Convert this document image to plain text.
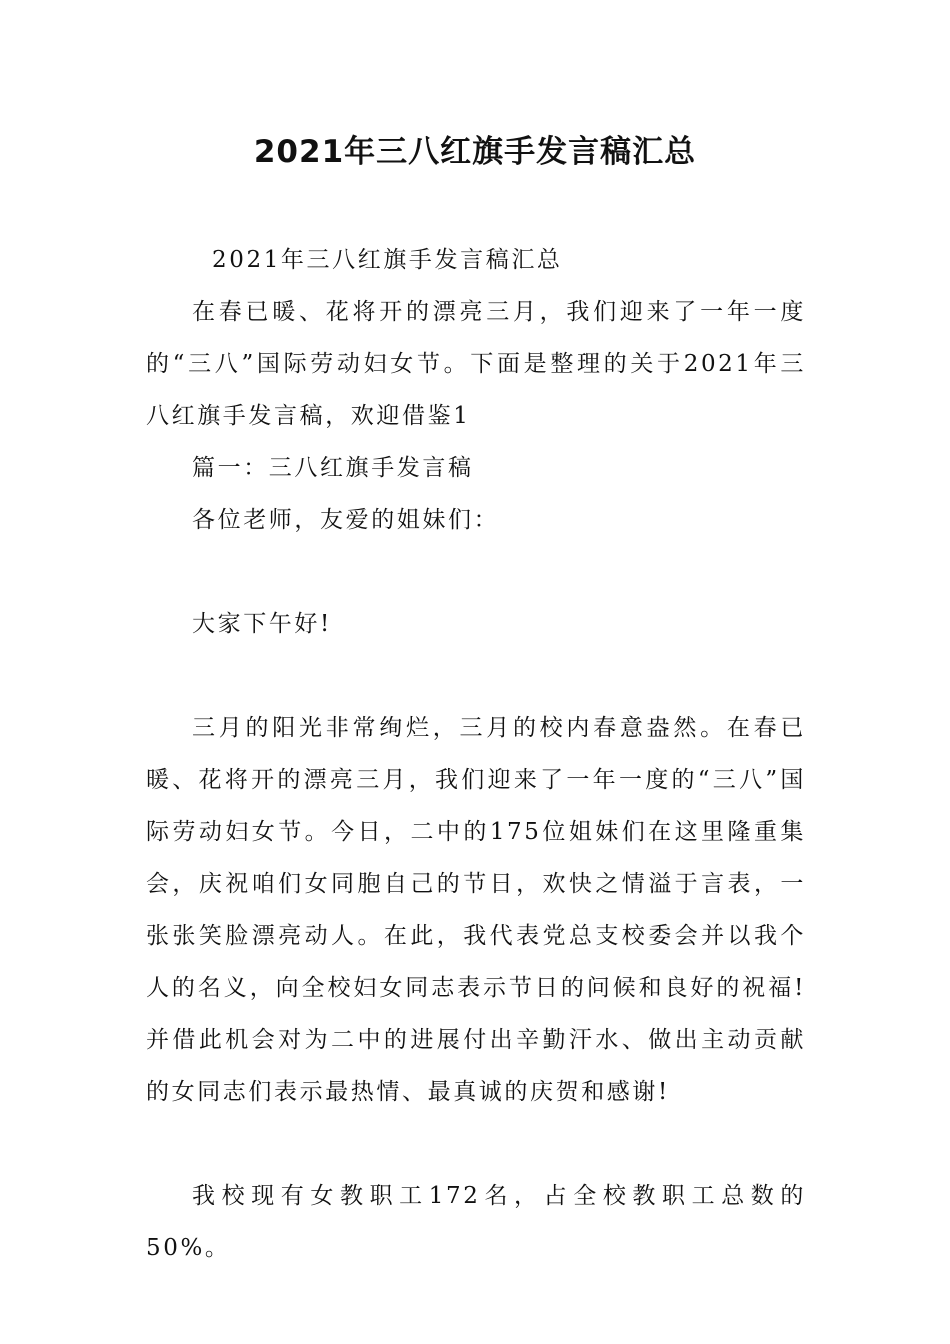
2021年三八红旗手发言稿汇总

2021年三八红旗手发言稿汇总

在春已暖、花将开的漂亮三月，我们迎来了一年一度的“三八”国际劳动妇女节。下面是整理的关于2021年三八红旗手发言稿，欢迎借鉴1

篇一：三八红旗手发言稿

各位老师，友爱的姐妹们：

大家下午好!

三月的阳光非常绚烂，三月的校内春意盎然。在春已暖、花将开的漂亮三月，我们迎来了一年一度的“三八”国际劳动妇女节。今日，二中的175位姐妹们在这里隆重集会，庆祝咱们女同胞自己的节日，欢快之情溢于言表，一张张笑脸漂亮动人。在此，我代表党总支校委会并以我个人的名义，向全校妇女同志表示节日的问候和良好的祝福!并借此机会对为二中的进展付出辛勤汗水、做出主动贡献的女同志们表示最热情、最真诚的庆贺和感谢!

我校现有女教职工172名，占全校教职工总数的50%。
